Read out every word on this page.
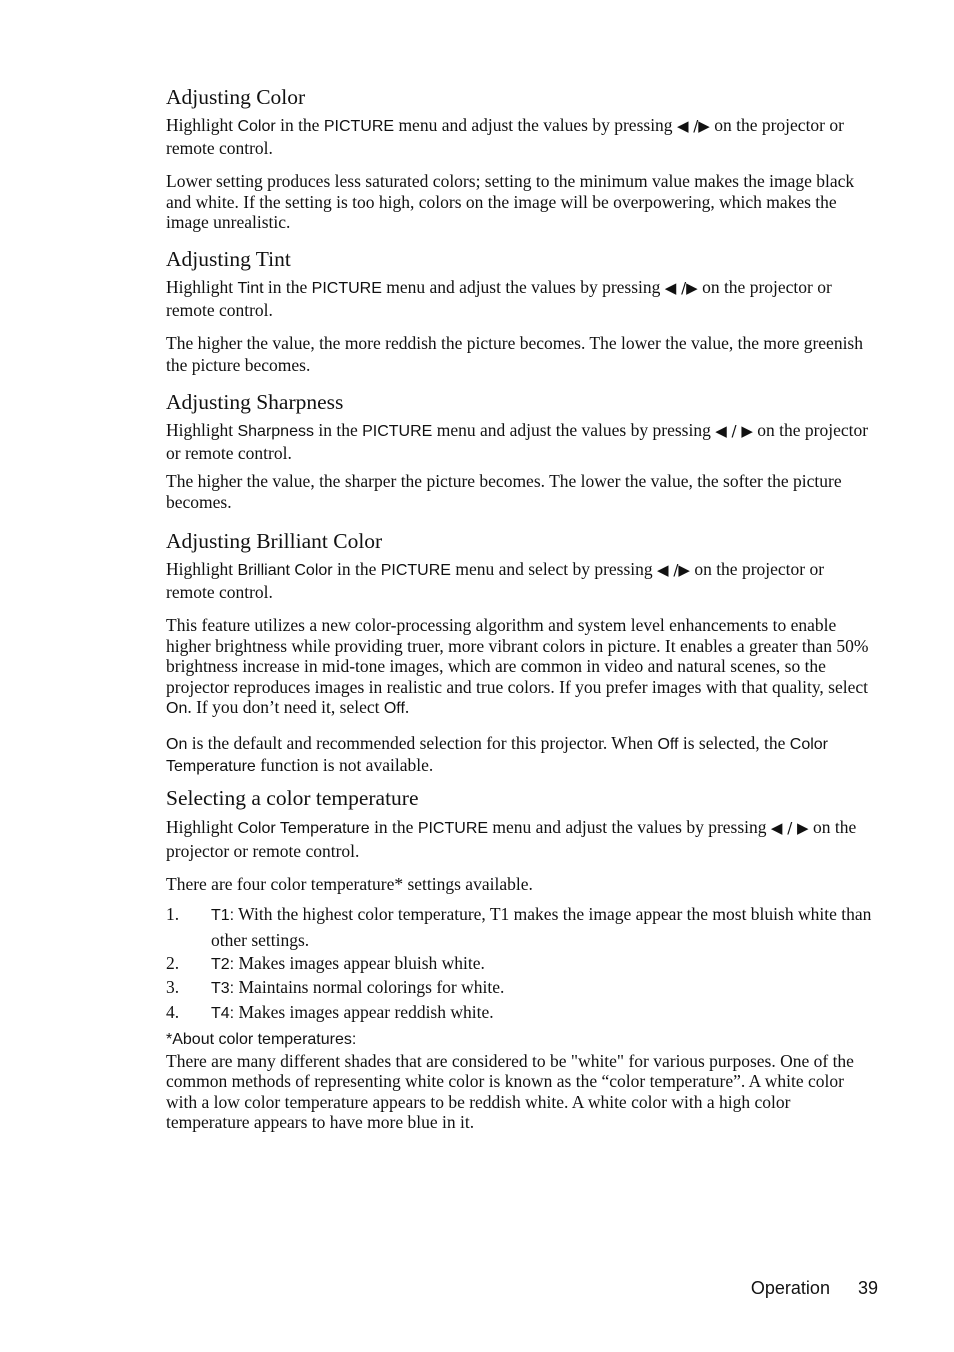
Adjusting Color

Highlight Color in the PICTURE menu and adjust the values by pressing ◀ /▶ on the projector or remote control.

Lower setting produces less saturated colors; setting to the minimum value makes the image black and white. If the setting is too high, colors on the image will be overpowering, which makes the image unrealistic.

Adjusting Tint

Highlight Tint in the PICTURE menu and adjust the values by pressing ◀ /▶ on the projector or remote control.

The higher the value, the more reddish the picture becomes. The lower the value, the more greenish the picture becomes.

Adjusting Sharpness

Highlight Sharpness in the PICTURE menu and adjust the values by pressing ◀ / ▶ on the projector or remote control.

The higher the value, the sharper the picture becomes. The lower the value, the softer the picture becomes.

Adjusting Brilliant Color

Highlight Brilliant Color in the PICTURE menu and select by pressing ◀ /▶ on the projector or remote control.

This feature utilizes a new color-processing algorithm and system level enhancements to enable higher brightness while providing truer, more vibrant colors in picture. It enables a greater than 50% brightness increase in mid-tone images, which are common in video and natural scenes, so the projector reproduces images in realistic and true colors. If you prefer images with that quality, select On. If you don’t need it, select Off.

On is the default and recommended selection for this projector. When Off is selected, the Color Temperature function is not available.

Selecting a color temperature

Highlight Color Temperature in the PICTURE menu and adjust the values by pressing ◀ / ▶ on the projector or remote control.

There are four color temperature* settings available.

1. T1: With the highest color temperature, T1 makes the image appear the most bluish white than other settings.
2. T2: Makes images appear bluish white.
3. T3: Maintains normal colorings for white.
4. T4: Makes images appear reddish white.

*About color temperatures:

There are many different shades that are considered to be "white" for various purposes. One of the common methods of representing white color is known as the “color temperature”. A white color with a low color temperature appears to be reddish white. A white color with a high color temperature appears to have more blue in it.

Operation 39
